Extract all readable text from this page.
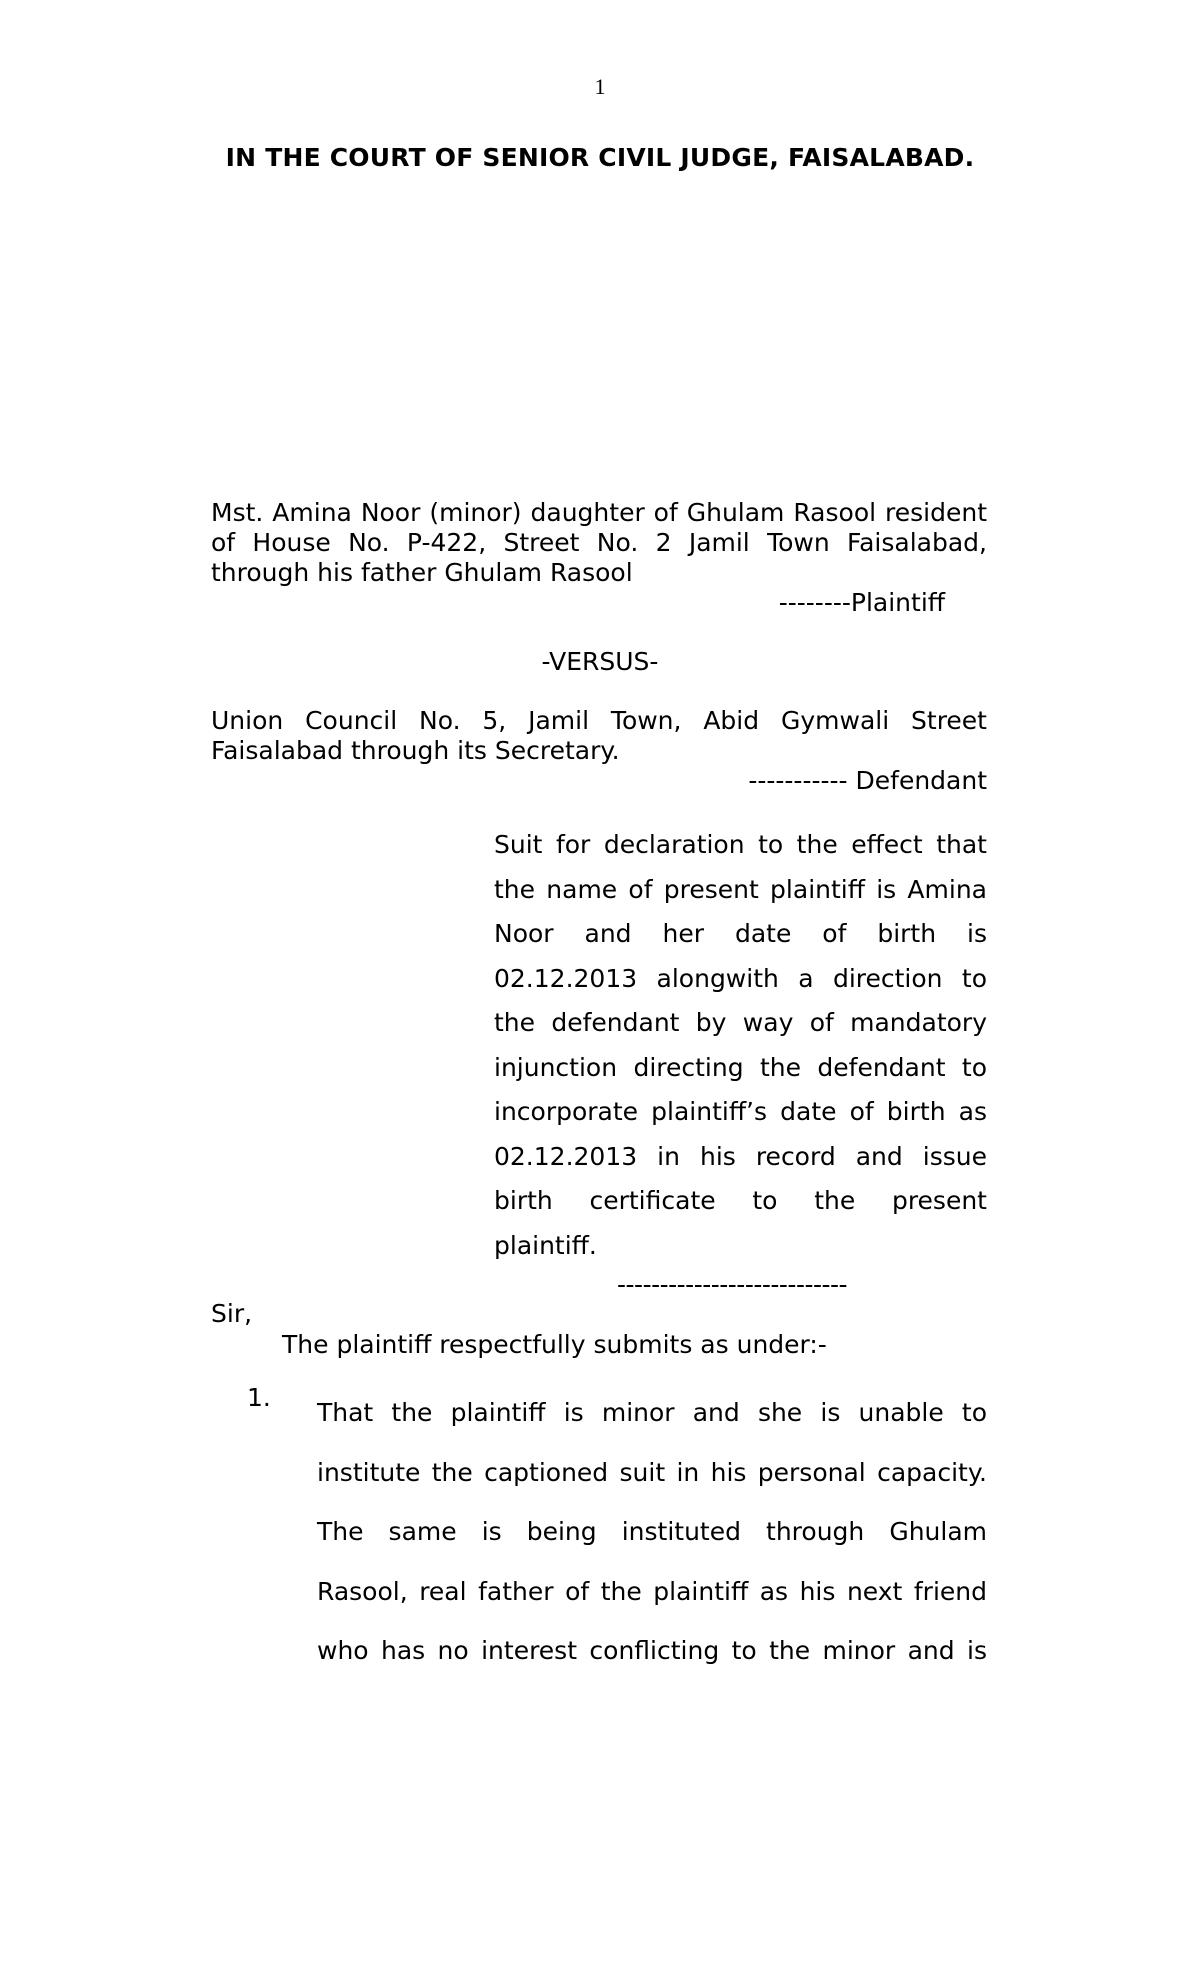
1
IN THE COURT OF SENIOR CIVIL JUDGE, FAISALABAD.
Mst. Amina Noor (minor) daughter of Ghulam Rasool resident of House No. P-422, Street No. 2 Jamil Town Faisalabad, through his father Ghulam Rasool
--------Plaintiff
-VERSUS-
Union Council No. 5, Jamil Town, Abid Gymwali Street Faisalabad through its Secretary.
----------- Defendant
Suit for declaration to the effect that
the name of present plaintiff is Amina
Noor and her date of birth is
02.12.2013 alongwith a direction to
the defendant by way of mandatory
injunction directing the defendant to
incorporate plaintiff’s date of birth as
02.12.2013 in his record and issue
birth certificate to the present
plaintiff.
---------------------------
Sir,
The plaintiff respectfully submits as under:-
1.
That the plaintiff is minor and she is unable to
institute the captioned suit in his personal capacity.
The same is being instituted through Ghulam
Rasool, real father of the plaintiff as his next friend
who has no interest conflicting to the minor and is
